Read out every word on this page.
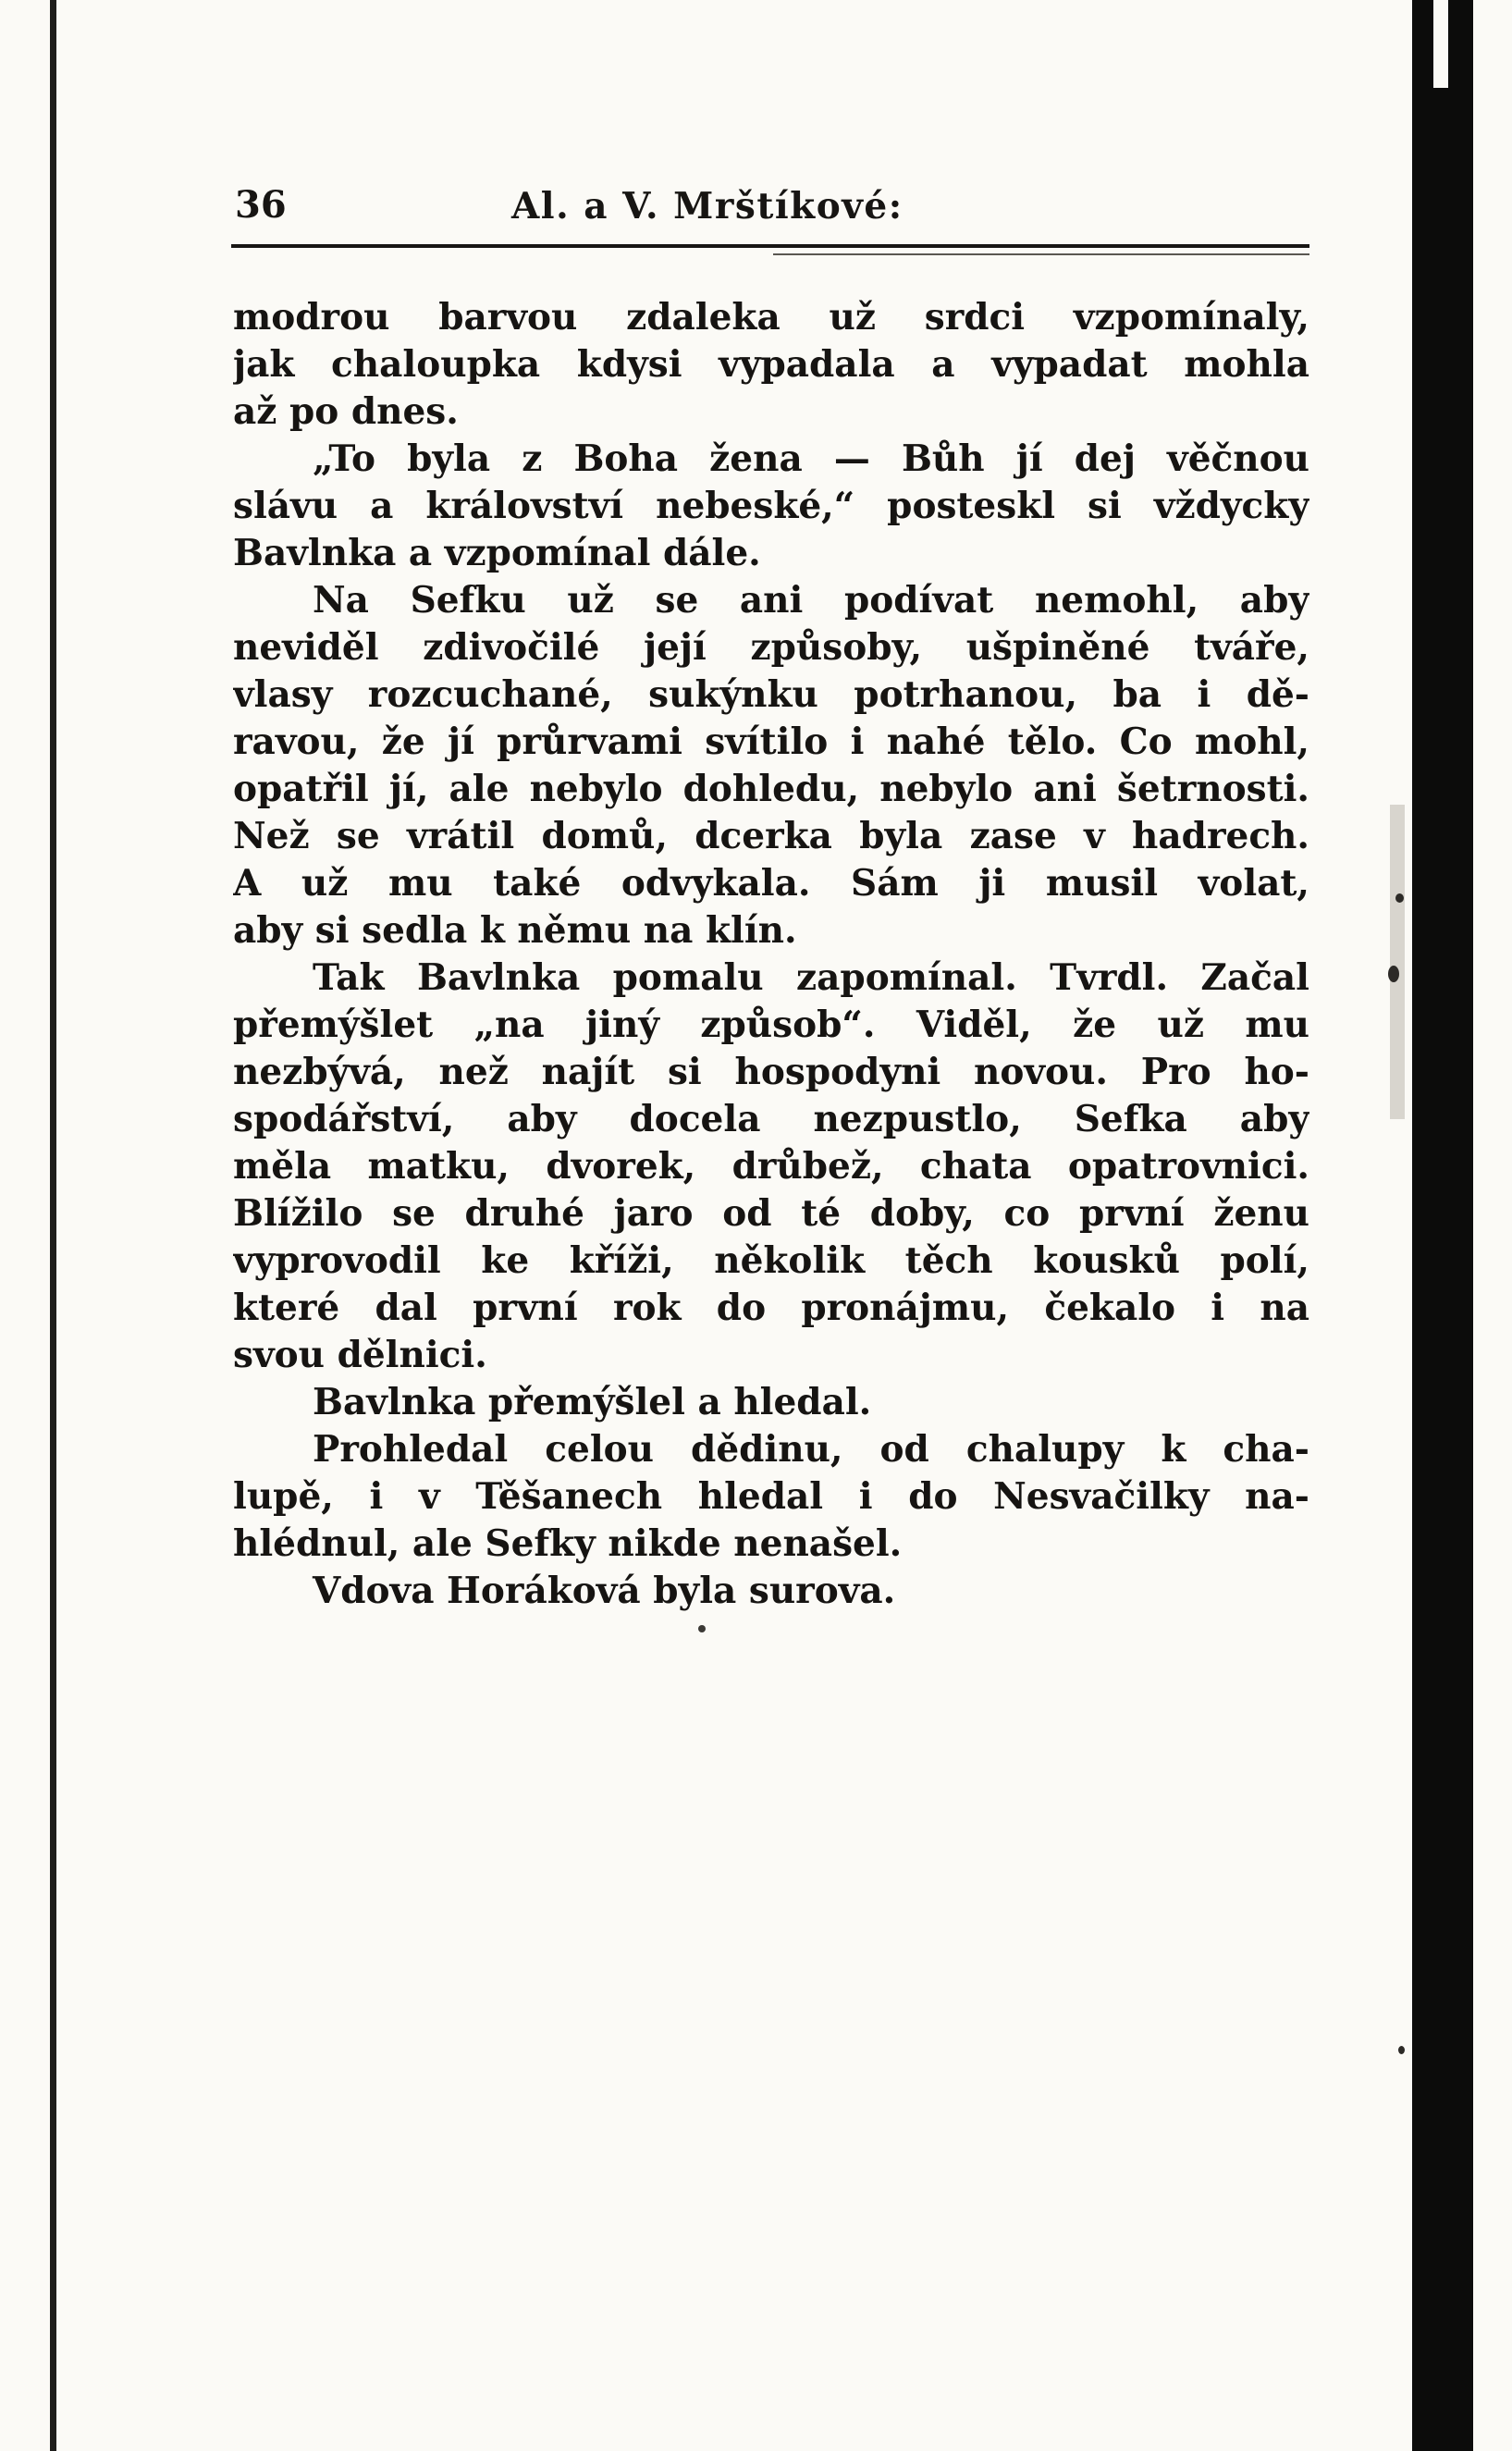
36	Al. a V. Mrštíkové:
modrou barvou zdaleka už srdci vzpomínaly,
jak chaloupka kdysi vypadala a vypadat mohla
až po dnes.
„To byla z Boha žena — Bůh jí dej věčnou
slávu a království nebeské,“ posteskl si vždycky
Bavlnka a vzpomínal dále.
Na Sefku už se ani podívat nemohl, aby
neviděl zdivočilé její způsoby, ušpiněné tváře,
vlasy rozcuchané, sukýnku potrhanou, ba i dě-
ravou, že jí průrvami svítilo i nahé tělo. Co mohl,
opatřil jí, ale nebylo dohledu, nebylo ani šetrnosti.
Než se vrátil domů, dcerka byla zase v hadrech.
A už mu také odvykala. Sám ji musil volat,
aby si sedla k němu na klín.
Tak Bavlnka pomalu zapomínal. Tvrdl. Začal
přemýšlet „na jiný způsob“. Viděl, že už mu
nezbývá, než najít si hospodyni novou. Pro ho-
spodářství, aby docela nezpustlo, Sefka aby
měla matku, dvorek, drůbež, chata opatrovnici.
Blížilo se druhé jaro od té doby, co první ženu
vyprovodil ke kříži, několik těch kousků polí,
které dal první rok do pronájmu, čekalo i na
svou dělnici.
Bavlnka přemýšlel a hledal.
Prohledal celou dědinu, od chalupy k cha-
lupě, i v Těšanech hledal i do Nesvačilky na-
hlédnul, ale Sefky nikde nenašel.
Vdova Horáková byla surova.
